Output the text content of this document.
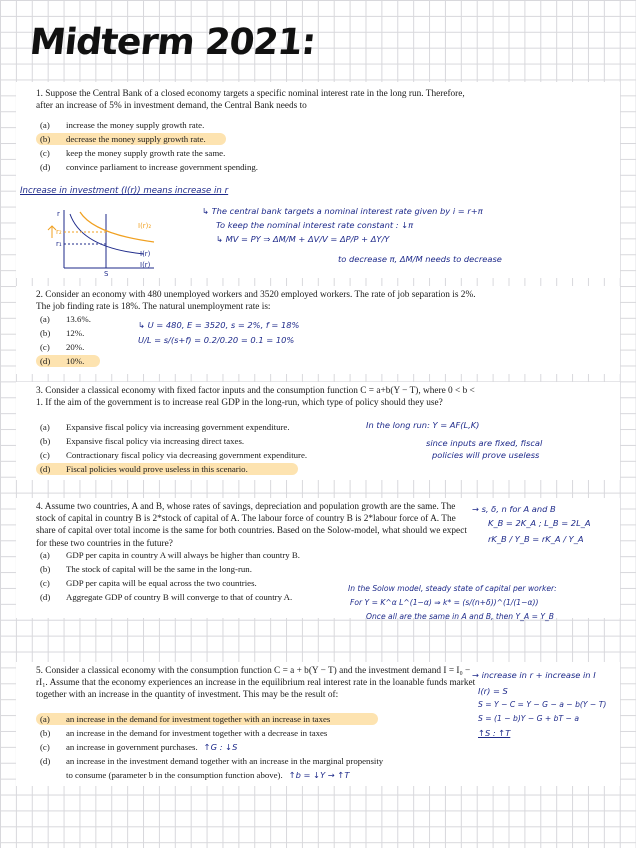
Midterm 2021:
1. Suppose the Central Bank of a closed economy targets a specific nominal interest rate in the long run. Therefore, after an increase of 5% in investment demand, the Central Bank needs to
(a) increase the money supply growth rate.
(b) decrease the money supply growth rate.
(c) keep the money supply growth rate the same.
(d) convince parliament to increase government spending.
Increase in investment (I(r)) means increase in r
↳ The central bank targets a nominal interest rate given by i = r+π
To keep the nominal interest rate constant : ↓π
↳ MV = PY ⇒ ΔM/M + ΔV/V = ΔP/P + ΔY/Y
to decrease π, ΔM/M needs to decrease
r
r₂
r₁
S
I(r)₂
I(r)
I(r)
2. Consider an economy with 480 unemployed workers and 3520 employed workers. The rate of job separation is 2%. The job finding rate is 18%. The natural unemployment rate is:
(a) 13.6%.
(b) 12%.
(c) 20%.
(d) 10%.
↳ U = 480, E = 3520, s = 2%, f = 18%
U/L = s/(s+f) = 0.2/0.20 = 0.1 = 10%
3. Consider a classical economy with fixed factor inputs and the consumption function C = a+b(Y − T), where 0 < b < 1. If the aim of the government is to increase real GDP in the long-run, which type of policy should they use?
(a) Expansive fiscal policy via increasing government expenditure.
(b) Expansive fiscal policy via increasing direct taxes.
(c) Contractionary fiscal policy via decreasing government expenditure.
(d) Fiscal policies would prove useless in this scenario.
In the long run: Y = AF(L,K)
since inputs are fixed, fiscal
policies will prove useless
4. Assume two countries, A and B, whose rates of savings, depreciation and population growth are the same. The stock of capital in country B is 2*stock of capital of A. The labour force of country B is 2*labour force of A. The share of capital over total income is the same for both countries. Based on the Solow-model, what should we expect for these two countries in the future?
(a) GDP per capita in country A will always be higher than country B.
(b) The stock of capital will be the same in the long-run.
(c) GDP per capita will be equal across the two countries.
(d) Aggregate GDP of country B will converge to that of country A.
→ s, δ, n for A and B
K_B = 2K_A ; L_B = 2L_A
rK_B / Y_B = rK_A / Y_A
In the Solow model, steady state of capital per worker:
For Y = K^α L^(1−α) ⇒ k* = (s/(n+δ))^(1/(1−α))
Once all are the same in A and B, then Y_A = Y_B
5. Consider a classical economy with the consumption function C = a + b(Y − T) and the investment demand I = I₀ − rI₁. Assume that the economy experiences an increase in the equilibrium real interest rate in the loanable funds market together with an increase in the quantity of investment. This may be the result of:
(a) an increase in the demand for investment together with an increase in taxes
(b) an increase in the demand for investment together with a decrease in taxes
(c) an increase in government purchases. ↑G : ↓S
(d) an increase in the investment demand together with an increase in the marginal propensity
to consume (parameter b in the consumption function above). ↑b = ↓Y → ↑T
→ increase in r + increase in I
I(r) = S
S = Y − C = Y − G − a − b(Y − T)
S = (1 − b)Y − G + bT − a
↑S : ↑T
